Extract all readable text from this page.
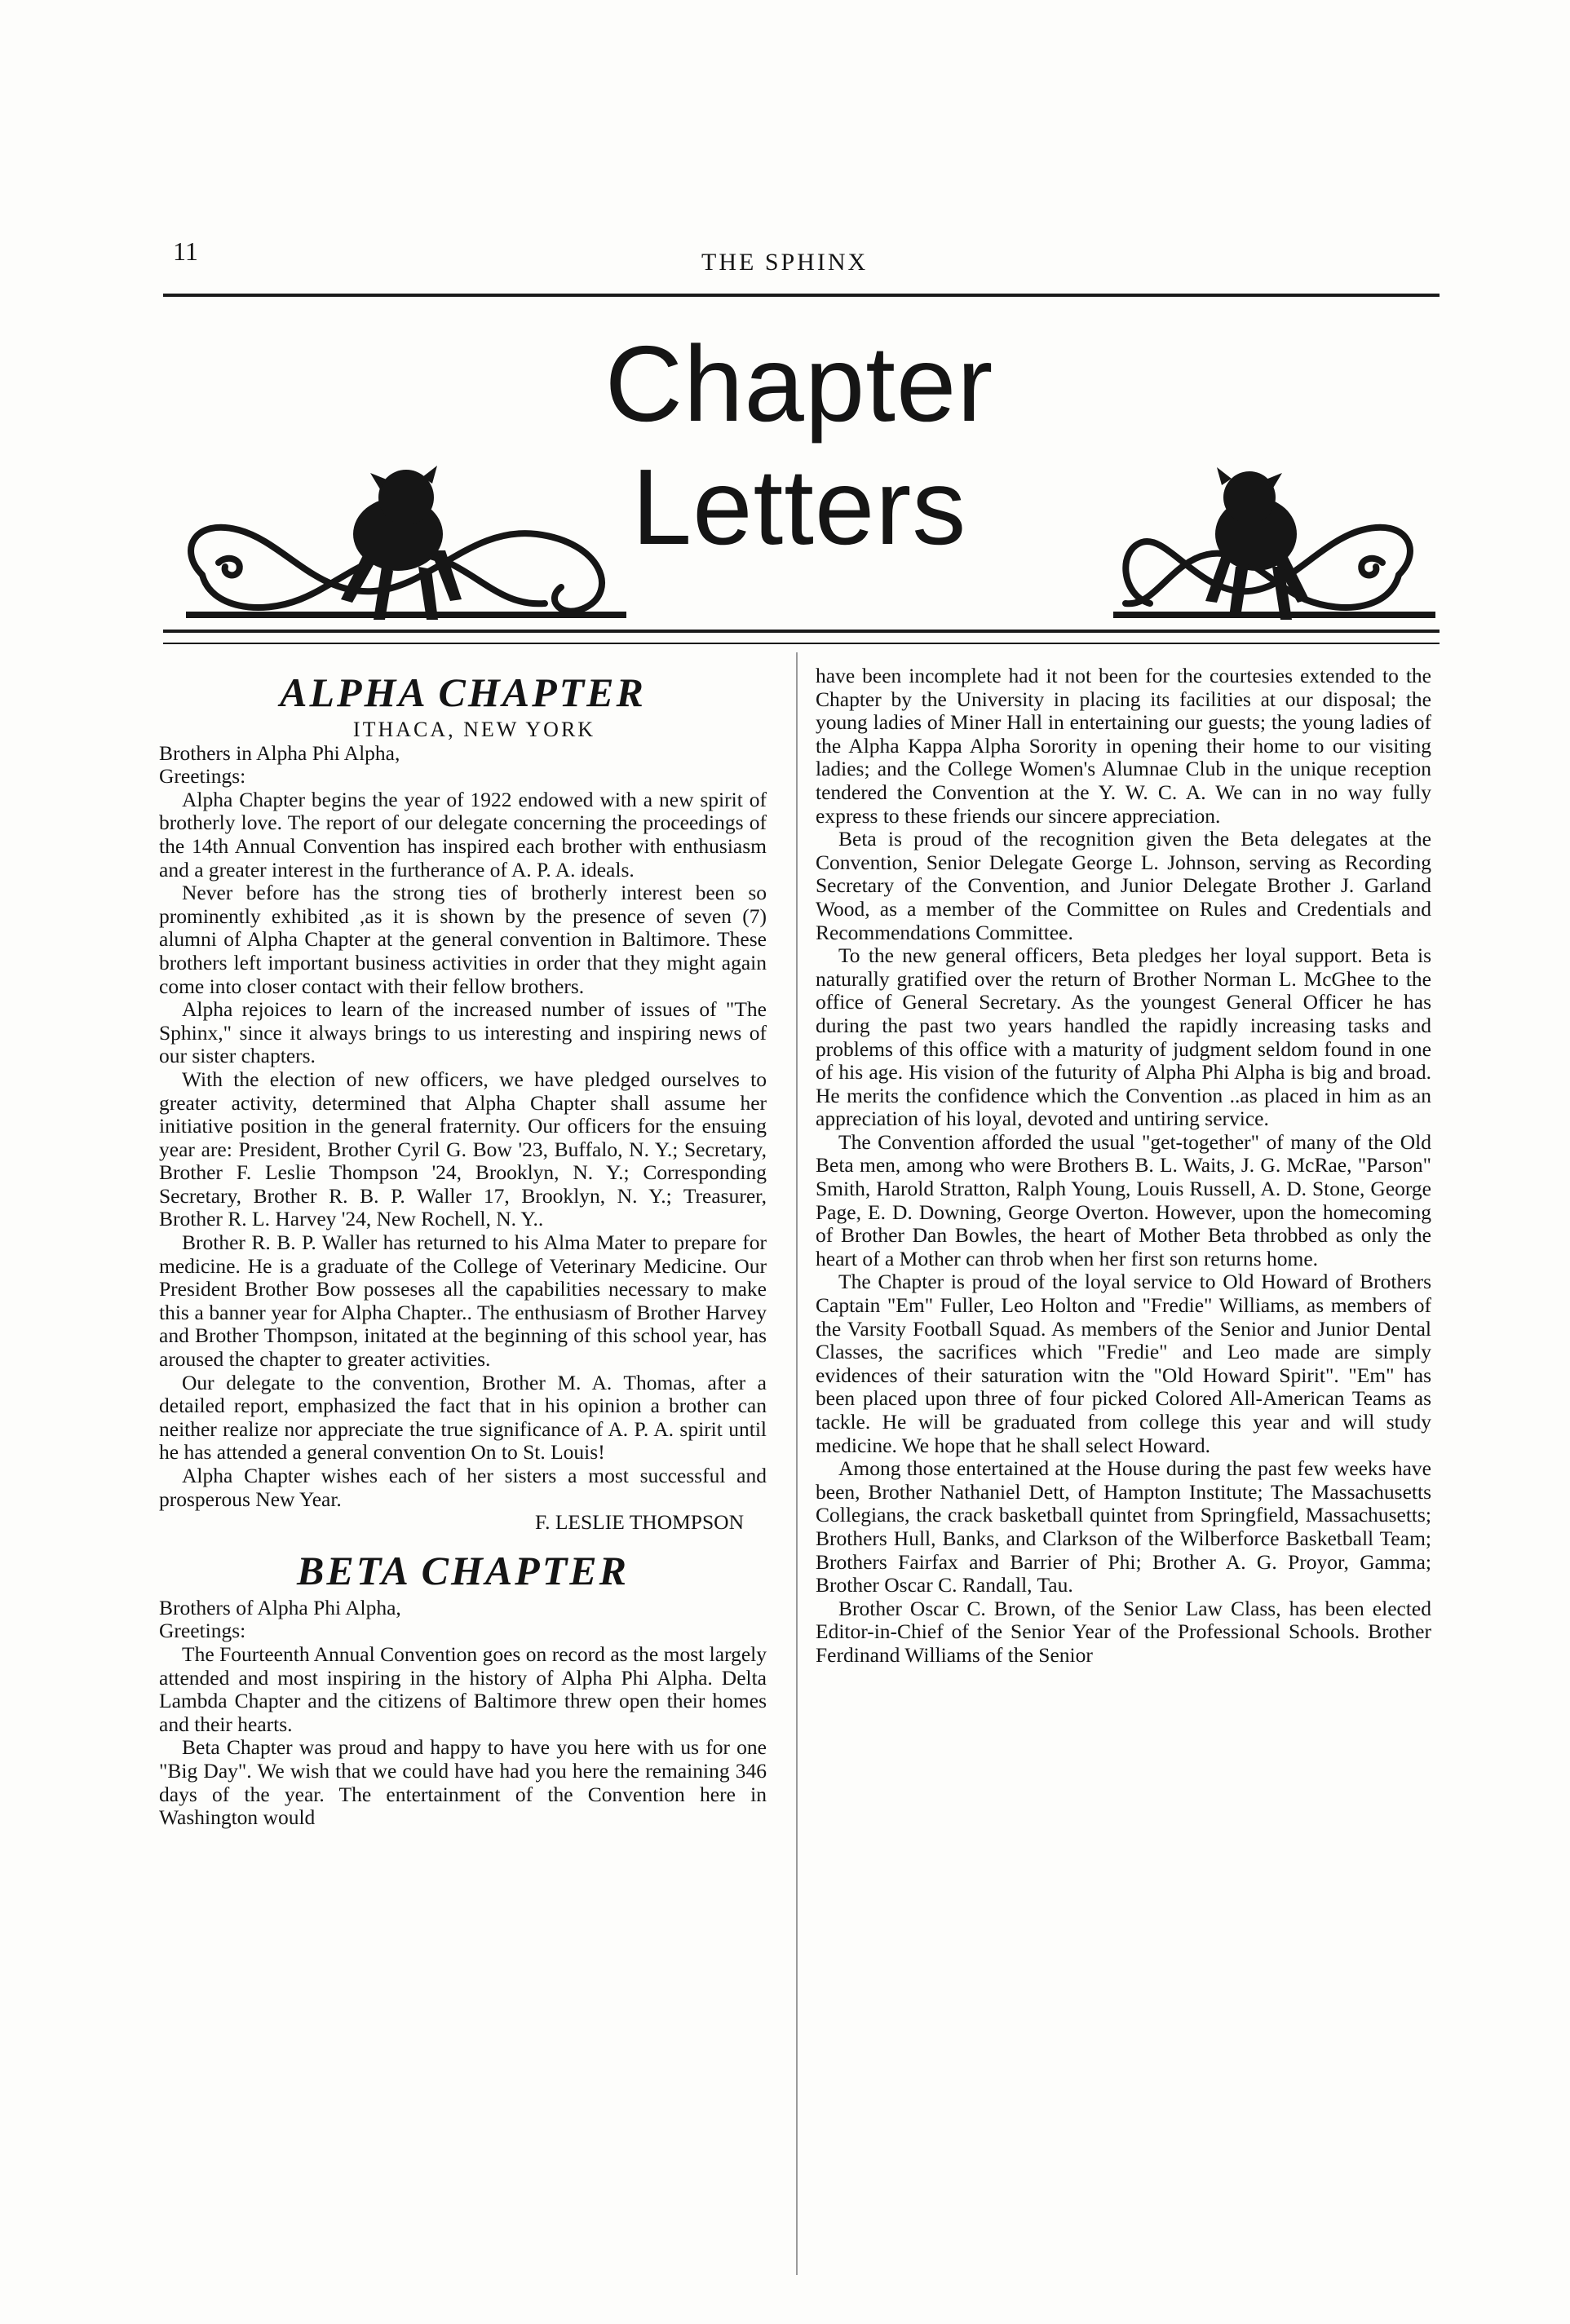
11	THE SPHINX
Chapter Letters
ALPHA CHAPTER

ITHACA, NEW YORK

Brothers in Alpha Phi Alpha,

Greetings:

Alpha Chapter begins the year of 1922 endowed with a new spirit of brotherly love. The report of our delegate concerning the proceedings of the 14th Annual Convention has inspired each brother with enthusiasm and a greater interest in the furtherance of A. P. A. ideals.

Never before has the strong ties of brotherly interest been so prominently exhibited ,as it is shown by the presence of seven (7) alumni of Alpha Chapter at the general convention in Baltimore. These brothers left important business activities in order that they might again come into closer contact with their fellow brothers.

Alpha rejoices to learn of the increased number of issues of "The Sphinx," since it always brings to us interesting and inspiring news of our sister chapters.

With the election of new officers, we have pledged ourselves to greater activity, determined that Alpha Chapter shall assume her initiative position in the general fraternity. Our officers for the ensuing year are: President, Brother Cyril G. Bow '23, Buffalo, N. Y.; Secretary, Brother F. Leslie Thompson '24, Brooklyn, N. Y.; Corresponding Secretary, Brother R. B. P. Waller 17, Brooklyn, N. Y.; Treasurer, Brother R. L. Harvey '24, New Rochell, N. Y..

Brother R. B. P. Waller has returned to his Alma Mater to prepare for medicine. He is a graduate of the College of Veterinary Medicine. Our President Brother Bow posseses all the capabilities necessary to make this a banner year for Alpha Chapter.. The enthusiasm of Brother Harvey and Brother Thompson, initated at the beginning of this school year, has aroused the chapter to greater activities.

Our delegate to the convention, Brother M. A. Thomas, after a detailed report, emphasized the fact that in his opinion a brother can neither realize nor appreciate the true significance of A. P. A. spirit until he has attended a general convention On to St. Louis!

Alpha Chapter wishes each of her sisters a most successful and prosperous New Year.

F. LESLIE THOMPSON

BETA CHAPTER

Brothers of Alpha Phi Alpha,

Greetings:

The Fourteenth Annual Convention goes on record as the most largely attended and most inspiring in the history of Alpha Phi Alpha. Delta Lambda Chapter and the citizens of Baltimore threw open their homes and their hearts.

Beta Chapter was proud and happy to have you here with us for one "Big Day". We wish that we could have had you here the remaining 346 days of the year. The entertainment of the Convention here in Washington would

have been incomplete had it not been for the courtesies extended to the Chapter by the University in placing its facilities at our disposal; the young ladies of Miner Hall in entertaining our guests; the young ladies of the Alpha Kappa Alpha Sorority in opening their home to our visiting ladies; and the College Women's Alumnae Club in the unique reception tendered the Convention at the Y. W. C. A. We can in no way fully express to these friends our sincere appreciation.

Beta is proud of the recognition given the Beta delegates at the Convention, Senior Delegate George L. Johnson, serving as Recording Secretary of the Convention, and Junior Delegate Brother J. Garland Wood, as a member of the Committee on Rules and Credentials and Recommendations Committee.

To the new general officers, Beta pledges her loyal support. Beta is naturally gratified over the return of Brother Norman L. McGhee to the office of General Secretary. As the youngest General Officer he has during the past two years handled the rapidly increasing tasks and problems of this office with a maturity of judgment seldom found in one of his age. His vision of the futurity of Alpha Phi Alpha is big and broad. He merits the confidence which the Convention ..as placed in him as an appreciation of his loyal, devoted and untiring service.

The Convention afforded the usual "get-together" of many of the Old Beta men, among who were Brothers B. L. Waits, J. G. McRae, "Parson" Smith, Harold Stratton, Ralph Young, Louis Russell, A. D. Stone, George Page, E. D. Downing, George Overton. However, upon the homecoming of Brother Dan Bowles, the heart of Mother Beta throbbed as only the heart of a Mother can throb when her first son returns home.

The Chapter is proud of the loyal service to Old Howard of Brothers Captain "Em" Fuller, Leo Holton and "Fredie" Williams, as members of the Varsity Football Squad. As members of the Senior and Junior Dental Classes, the sacrifices which "Fredie" and Leo made are simply evidences of their saturation witn the "Old Howard Spirit". "Em" has been placed upon three of four picked Colored All-American Teams as tackle. He will be graduated from college this year and will study medicine. We hope that he shall select Howard.

Among those entertained at the House during the past few weeks have been, Brother Nathaniel Dett, of Hampton Institute; The Massachusetts Collegians, the crack basketball quintet from Springfield, Massachusetts; Brothers Hull, Banks, and Clarkson of the Wilberforce Basketball Team; Brothers Fairfax and Barrier of Phi; Brother A. G. Proyor, Gamma; Brother Oscar C. Randall, Tau.

Brother Oscar C. Brown, of the Senior Law Class, has been elected Editor-in-Chief of the Senior Year of the Professional Schools. Brother Ferdinand Williams of the Senior
